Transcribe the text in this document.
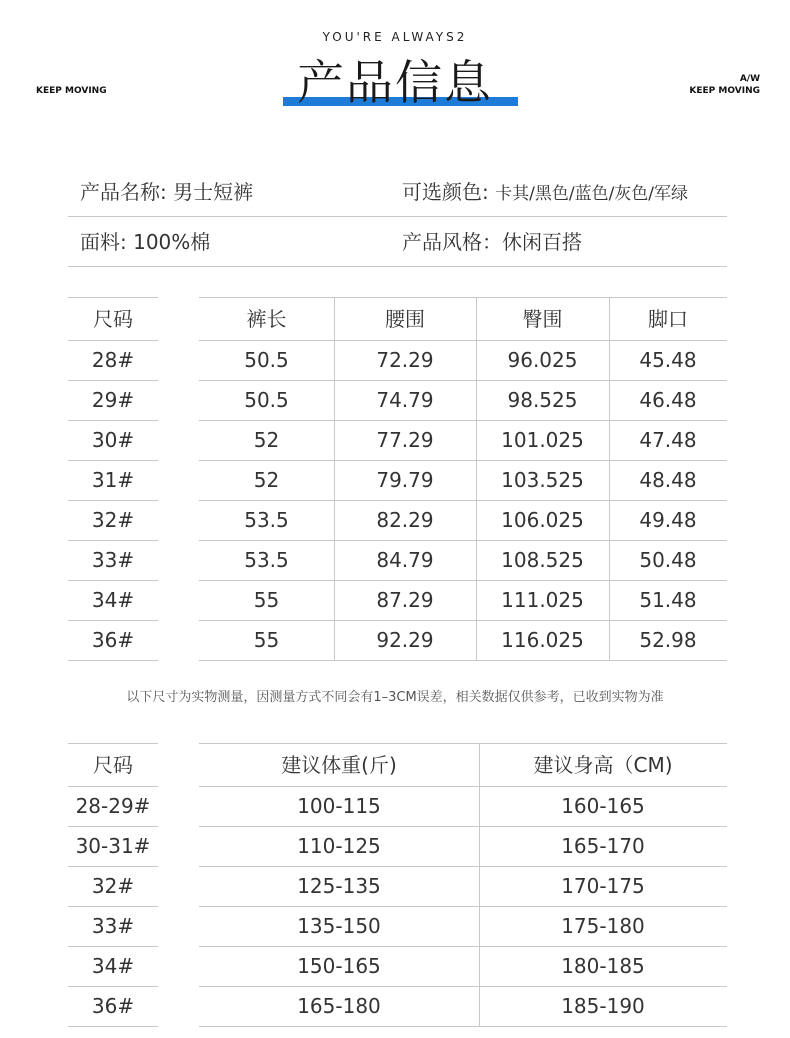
YOU'RE ALWAYS2
产品信息
KEEP MOVING
A/W
KEEP MOVING
产品名称: 男士短裤	可选颜色: 卡其/黑色/蓝色/灰色/军绿
面料: 100%棉	产品风格：休闲百搭
尺码	裤长	腰围	臀围	脚口
28#	50.5	72.29	96.025	45.48
29#	50.5	74.79	98.525	46.48
30#	52	77.29	101.025	47.48
31#	52	79.79	103.525	48.48
32#	53.5	82.29	106.025	49.48
33#	53.5	84.79	108.525	50.48
34#	55	87.29	111.025	51.48
36#	55	92.29	116.025	52.98
以下尺寸为实物测量，因测量方式不同会有1–3CM误差，相关数据仅供参考，已收到实物为准
尺码	建议体重(斤)	建议身高（CM)
28-29#	100-115	160-165
30-31#	110-125	165-170
32#	125-135	170-175
33#	135-150	175-180
34#	150-165	180-185
36#	165-180	185-190
